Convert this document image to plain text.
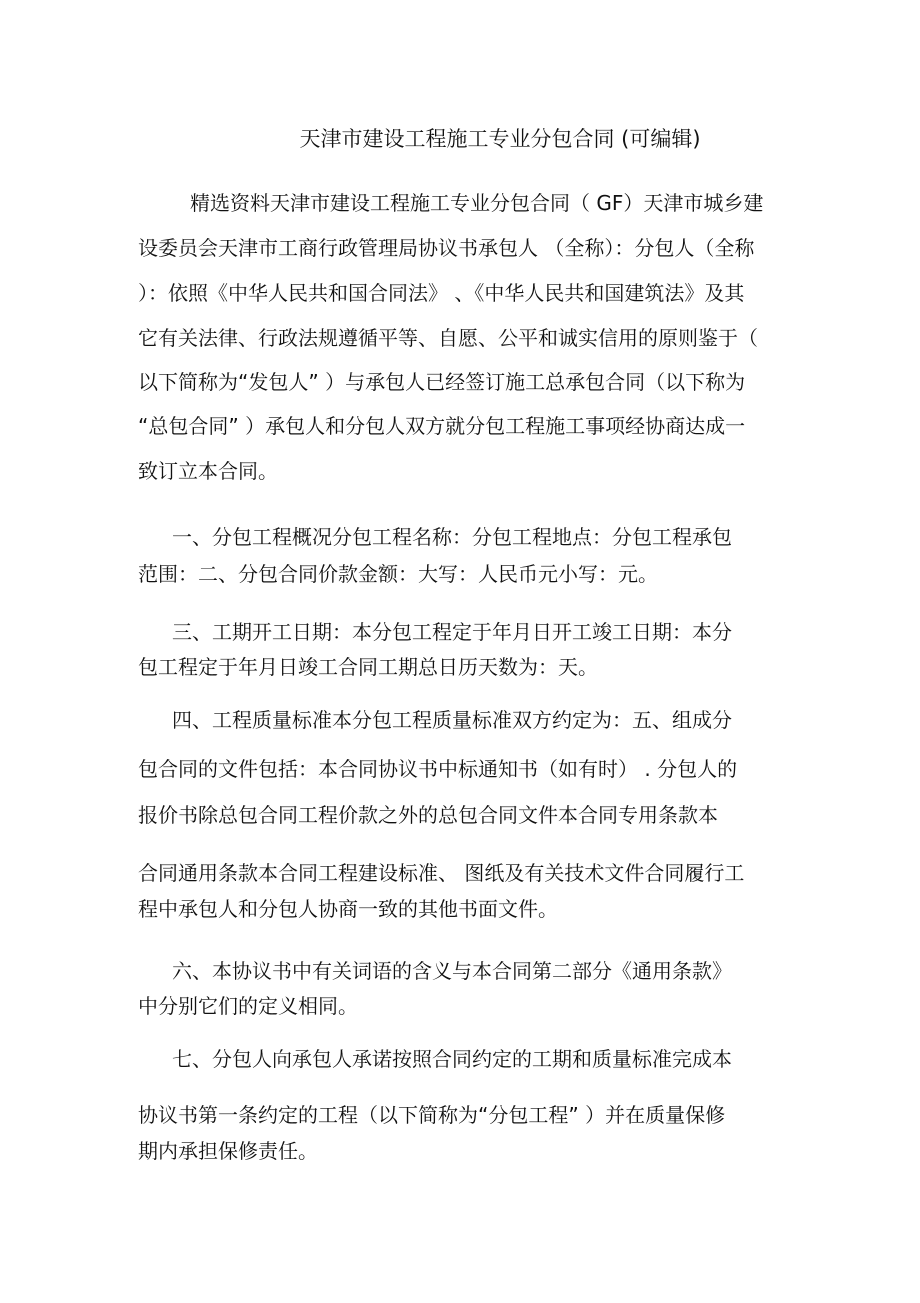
天津市建设工程施工专业分包合同 (可编辑)
精选资料天津市建设工程施工专业分包合同（ GF）天津市城乡建
设委员会天津市工商行政管理局协议书承包人 （全称）：分包人（全称
）：依照《中华人民共和国合同法》 、《中华人民共和国建筑法》及其
它有关法律、行政法规遵循平等、自愿、公平和诚实信用的原则鉴于（
以下简称为“发包人” ）与承包人已经签订施工总承包合同（以下称为
“总包合同” ）承包人和分包人双方就分包工程施工事项经协商达成一
致订立本合同。
一、分包工程概况分包工程名称：分包工程地点：分包工程承包
范围：二、分包合同价款金额：大写：人民币元小写：元。
三、工期开工日期：本分包工程定于年月日开工竣工日期：本分
包工程定于年月日竣工合同工期总日历天数为：天。
四、工程质量标准本分包工程质量标准双方约定为：五、组成分
包合同的文件包括：本合同协议书中标通知书（如有时） . 分包人的
报价书除总包合同工程价款之外的总包合同文件本合同专用条款本
合同通用条款本合同工程建设标准、 图纸及有关技术文件合同履行工
程中承包人和分包人协商一致的其他书面文件。
六、本协议书中有关词语的含义与本合同第二部分《通用条款》
中分别它们的定义相同。
七、分包人向承包人承诺按照合同约定的工期和质量标准完成本
协议书第一条约定的工程（以下简称为“分包工程” ）并在质量保修
期内承担保修责任。
